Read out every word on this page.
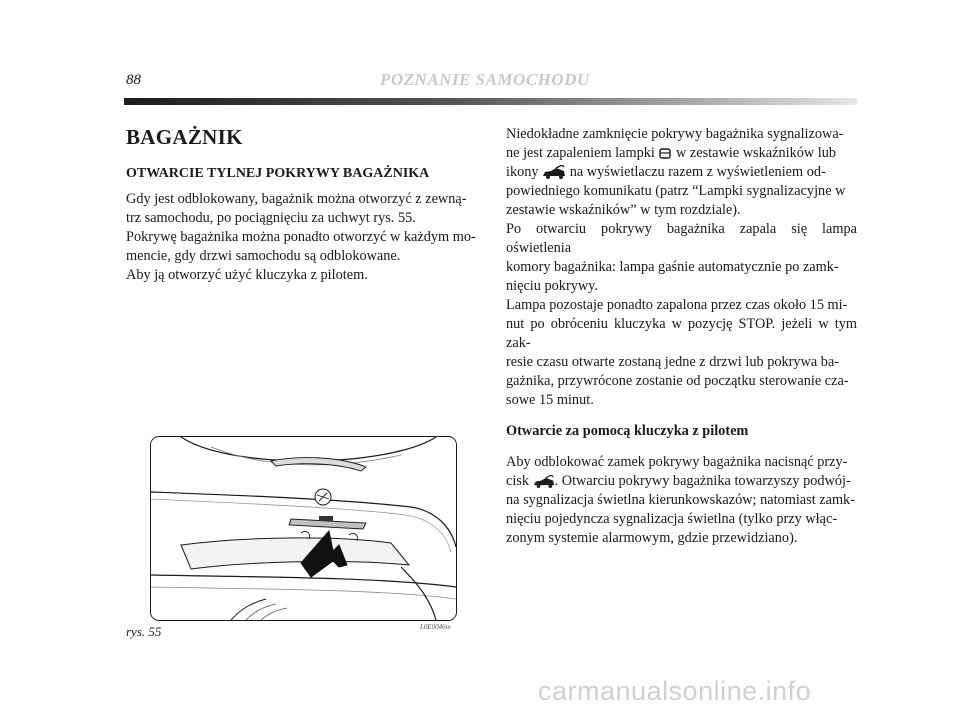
88	POZNANIE SAMOCHODU
BAGAŻNIK
OTWARCIE TYLNEJ POKRYWY BAGAŻNIKA
Gdy jest odblokowany, bagażnik można otworzyć z zewną-
trz samochodu, po pociągnięciu za uchwyt rys. 55.
Pokrywę bagażnika można ponadto otworzyć w każdym mo-
mencie, gdy drzwi samochodu są odblokowane.
Aby ją otworzyć użyć kluczyka z pilotem.
rys. 55	L0E0046m

Niedokładne zamknięcie pokrywy bagażnika sygnalizowa-
ne jest zapaleniem lampki  w zestawie wskaźników lub
ikony  na wyświetlaczu razem z wyświetleniem od-
powiedniego komunikatu (patrz “Lampki sygnalizacyjne w
zestawie wskaźników” w tym rozdziale).
Po otwarciu pokrywy bagażnika zapala się lampa oświetlenia
komory bagażnika: lampa gaśnie automatycznie po zamk-
nięciu pokrywy.
Lampa pozostaje ponadto zapalona przez czas około 15 mi-
nut po obróceniu kluczyka w pozycję STOP. jeżeli w tym zak-
resie czasu otwarte zostaną jedne z drzwi lub pokrywa ba-
gażnika, przywrócone zostanie od początku sterowanie cza-
sowe 15 minut.

Otwarcie za pomocą kluczyka z pilotem

Aby odblokować zamek pokrywy bagażnika nacisnąć przy-
cisk . Otwarciu pokrywy bagażnika towarzyszy podwój-
na sygnalizacja świetlna kierunkowskazów; natomiast zamk-
nięciu pojedyncza sygnalizacja świetlna (tylko przy włąc-
zonym systemie alarmowym, gdzie przewidziano).

carmanualsonline.info
